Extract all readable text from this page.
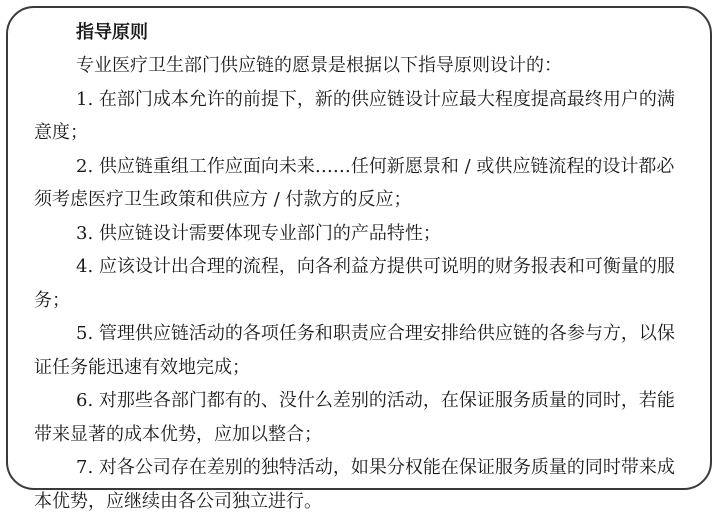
指导原则

专业医疗卫生部门供应链的愿景是根据以下指导原则设计的：

1. 在部门成本允许的前提下，新的供应链设计应最大程度提高最终用户的满意度；

2. 供应链重组工作应面向未来……任何新愿景和 / 或供应链流程的设计都必须考虑医疗卫生政策和供应方 / 付款方的反应；

3. 供应链设计需要体现专业部门的产品特性；

4. 应该设计出合理的流程，向各利益方提供可说明的财务报表和可衡量的服务；

5. 管理供应链活动的各项任务和职责应合理安排给供应链的各参与方，以保证任务能迅速有效地完成；

6. 对那些各部门都有的、没什么差别的活动，在保证服务质量的同时，若能带来显著的成本优势，应加以整合；

7. 对各公司存在差别的独特活动，如果分权能在保证服务质量的同时带来成本优势，应继续由各公司独立进行。
